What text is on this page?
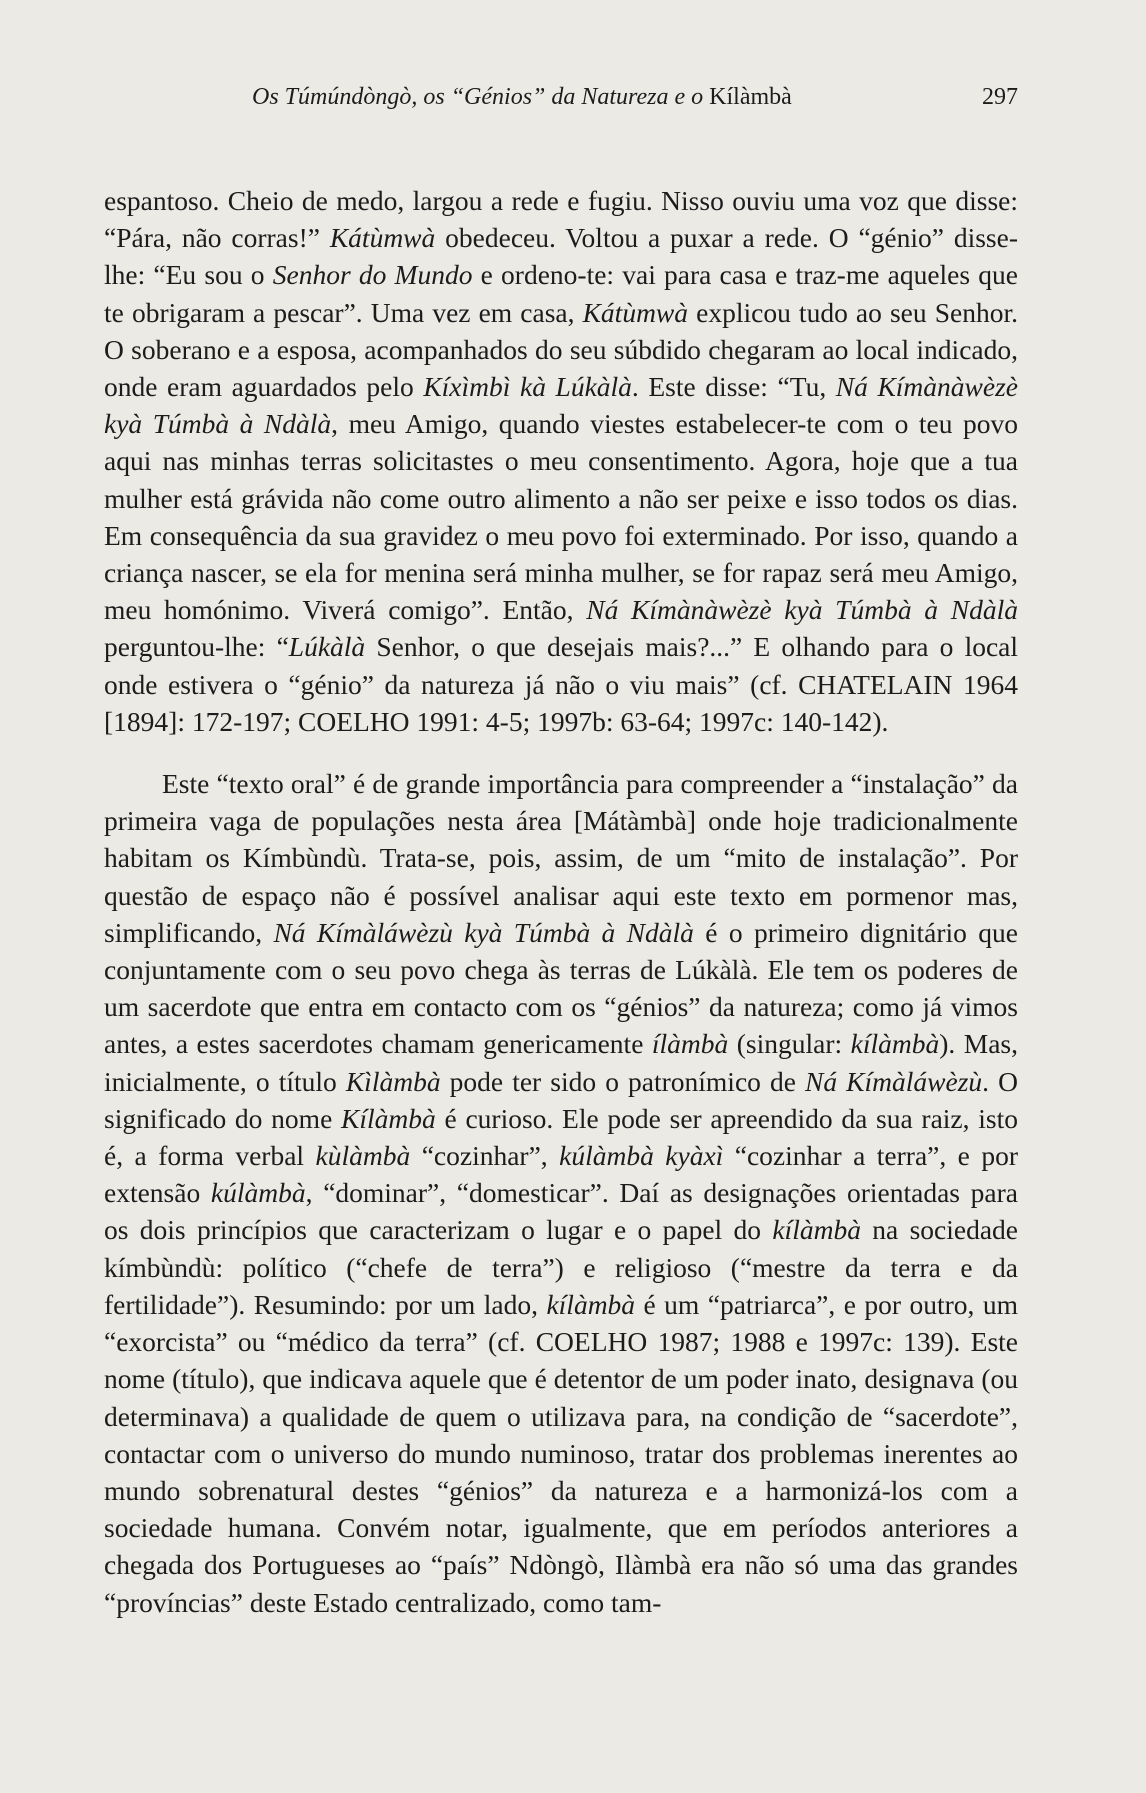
Os Túmúndòngò, os “Génios” da Natureza e o Kílàmbà	297

espantoso. Cheio de medo, largou a rede e fugiu. Nisso ouviu uma voz que disse: “Pára, não corras!” Kátùmwà obedeceu. Voltou a puxar a rede. O “génio” disse-lhe: “Eu sou o Senhor do Mundo e ordeno-te: vai para casa e traz-me aqueles que te obrigaram a pescar”. Uma vez em casa, Kátùmwà explicou tudo ao seu Senhor. O soberano e a esposa, acompanhados do seu súbdido chegaram ao local indicado, onde eram aguardados pelo Kíxìmbì kà Lúkàlà. Este disse: “Tu, Ná Kímànàwèzè kyà Túmbà à Ndàlà, meu Amigo, quando viestes estabelecer-te com o teu povo aqui nas minhas terras solicitastes o meu consentimento. Agora, hoje que a tua mulher está grávida não come outro alimento a não ser peixe e isso todos os dias. Em consequência da sua gravidez o meu povo foi exterminado. Por isso, quando a criança nascer, se ela for menina será minha mulher, se for rapaz será meu Amigo, meu homónimo. Viverá comigo”. Então, Ná Kímànàwèzè kyà Túmbà à Ndàlà perguntou-lhe: “Lúkàlà Senhor, o que desejais mais?...” E olhando para o local onde estivera o “génio” da natureza já não o viu mais” (cf. CHATELAIN 1964 [1894]: 172-197; COELHO 1991: 4-5; 1997b: 63-64; 1997c: 140-142).

Este “texto oral” é de grande importância para compreender a “instalação” da primeira vaga de populações nesta área [Mátàmbà] onde hoje tradicionalmente habitam os Kímbùndù. Trata-se, pois, assim, de um “mito de instalação”. Por questão de espaço não é possível analisar aqui este texto em pormenor mas, simplificando, Ná Kímàláwèzù kyà Túmbà à Ndàlà é o primeiro dignitário que conjuntamente com o seu povo chega às terras de Lúkàlà. Ele tem os poderes de um sacerdote que entra em contacto com os “génios” da natureza; como já vimos antes, a estes sacerdotes chamam genericamente ílàmbà (singular: kílàmbà). Mas, inicialmente, o título Kìlàmbà pode ter sido o patronímico de Ná Kímàláwèzù. O significado do nome Kílàmbà é curioso. Ele pode ser apreendido da sua raiz, isto é, a forma verbal kùlàmbà “cozinhar”, kúlàmbà kyàxì “cozinhar a terra”, e por extensão kúlàmbà, “dominar”, “domesticar”. Daí as designações orientadas para os dois princípios que caracterizam o lugar e o papel do kílàmbà na sociedade kímbùndù: político (“chefe de terra”) e religioso (“mestre da terra e da fertilidade”). Resumindo: por um lado, kílàmbà é um “patriarca”, e por outro, um “exorcista” ou “médico da terra” (cf. COELHO 1987; 1988 e 1997c: 139). Este nome (título), que indicava aquele que é detentor de um poder inato, designava (ou determinava) a qualidade de quem o utilizava para, na condição de “sacerdote”, contactar com o universo do mundo numinoso, tratar dos problemas inerentes ao mundo sobrenatural destes “génios” da natureza e a harmonizá-los com a sociedade humana. Convém notar, igualmente, que em períodos anteriores a chegada dos Portugueses ao “país” Ndòngò, Ilàmbà era não só uma das grandes “províncias” deste Estado centralizado, como tam-
